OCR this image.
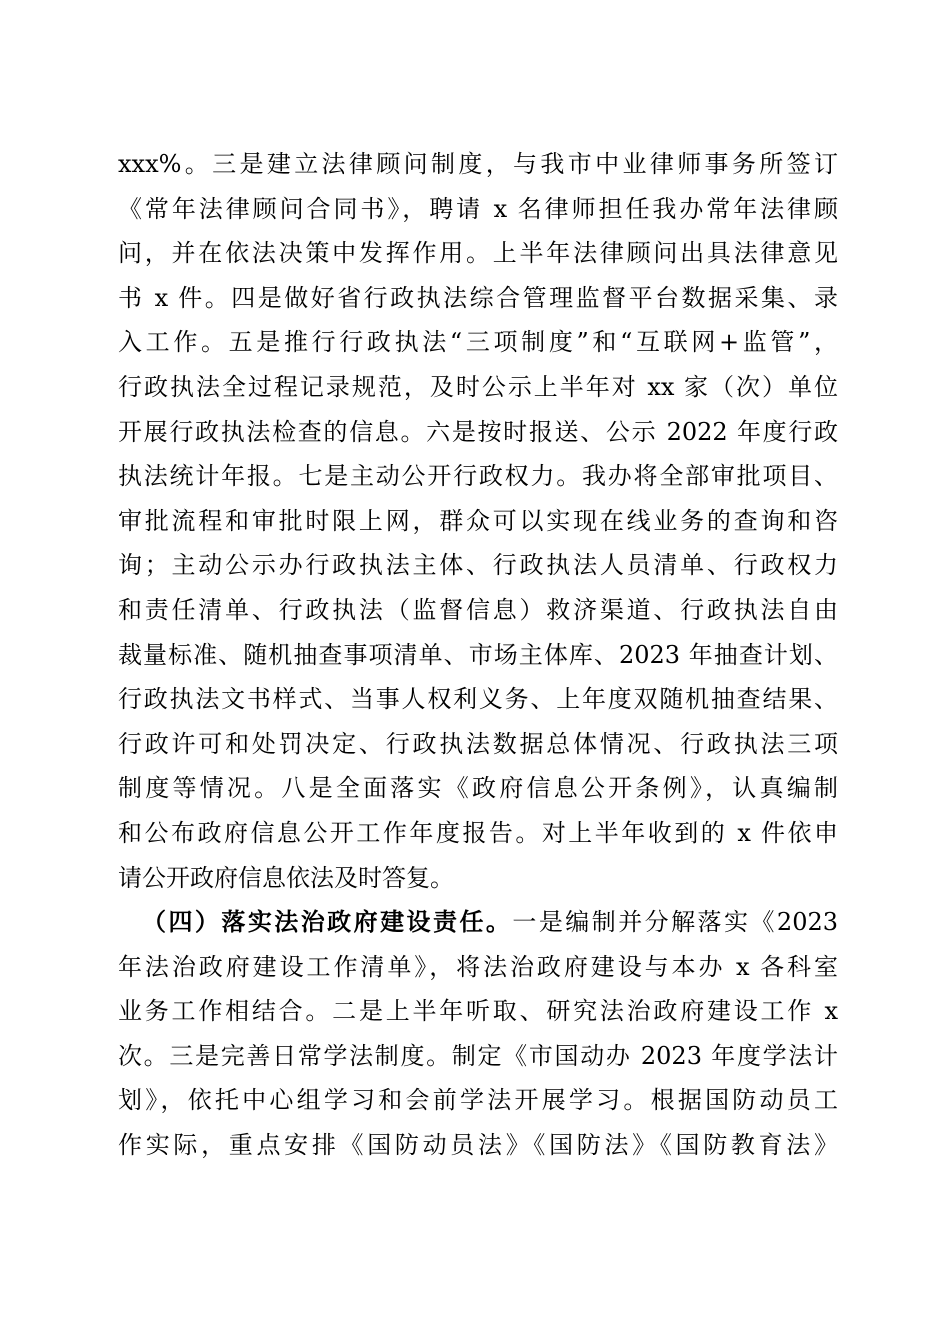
xxx%。三是建立法律顾问制度，与我市中业律师事务所签订
《常年法律顾问合同书》，聘请 x 名律师担任我办常年法律顾
问，并在依法决策中发挥作用。上半年法律顾问出具法律意见
书 x 件。四是做好省行政执法综合管理监督平台数据采集、录
入工作。五是推行行政执法“三项制度”和“互联网+监管”，
行政执法全过程记录规范，及时公示上半年对 xx 家（次）单位
开展行政执法检查的信息。六是按时报送、公示 2022 年度行政
执法统计年报。七是主动公开行政权力。我办将全部审批项目、
审批流程和审批时限上网，群众可以实现在线业务的查询和咨
询；主动公示办行政执法主体、行政执法人员清单、行政权力
和责任清单、行政执法（监督信息）救济渠道、行政执法自由
裁量标准、随机抽查事项清单、市场主体库、2023 年抽查计划、
行政执法文书样式、当事人权利义务、上年度双随机抽查结果、
行政许可和处罚决定、行政执法数据总体情况、行政执法三项
制度等情况。八是全面落实《政府信息公开条例》，认真编制
和公布政府信息公开工作年度报告。对上半年收到的 x 件依申
请公开政府信息依法及时答复。
（四）落实法治政府建设责任。一是编制并分解落实《2023
年法治政府建设工作清单》，将法治政府建设与本办 x 各科室
业务工作相结合。二是上半年听取、研究法治政府建设工作 x
次。三是完善日常学法制度。制定《市国动办 2023 年度学法计
划》，依托中心组学习和会前学法开展学习。根据国防动员工
作实际，重点安排《国防动员法》《国防法》《国防教育法》
